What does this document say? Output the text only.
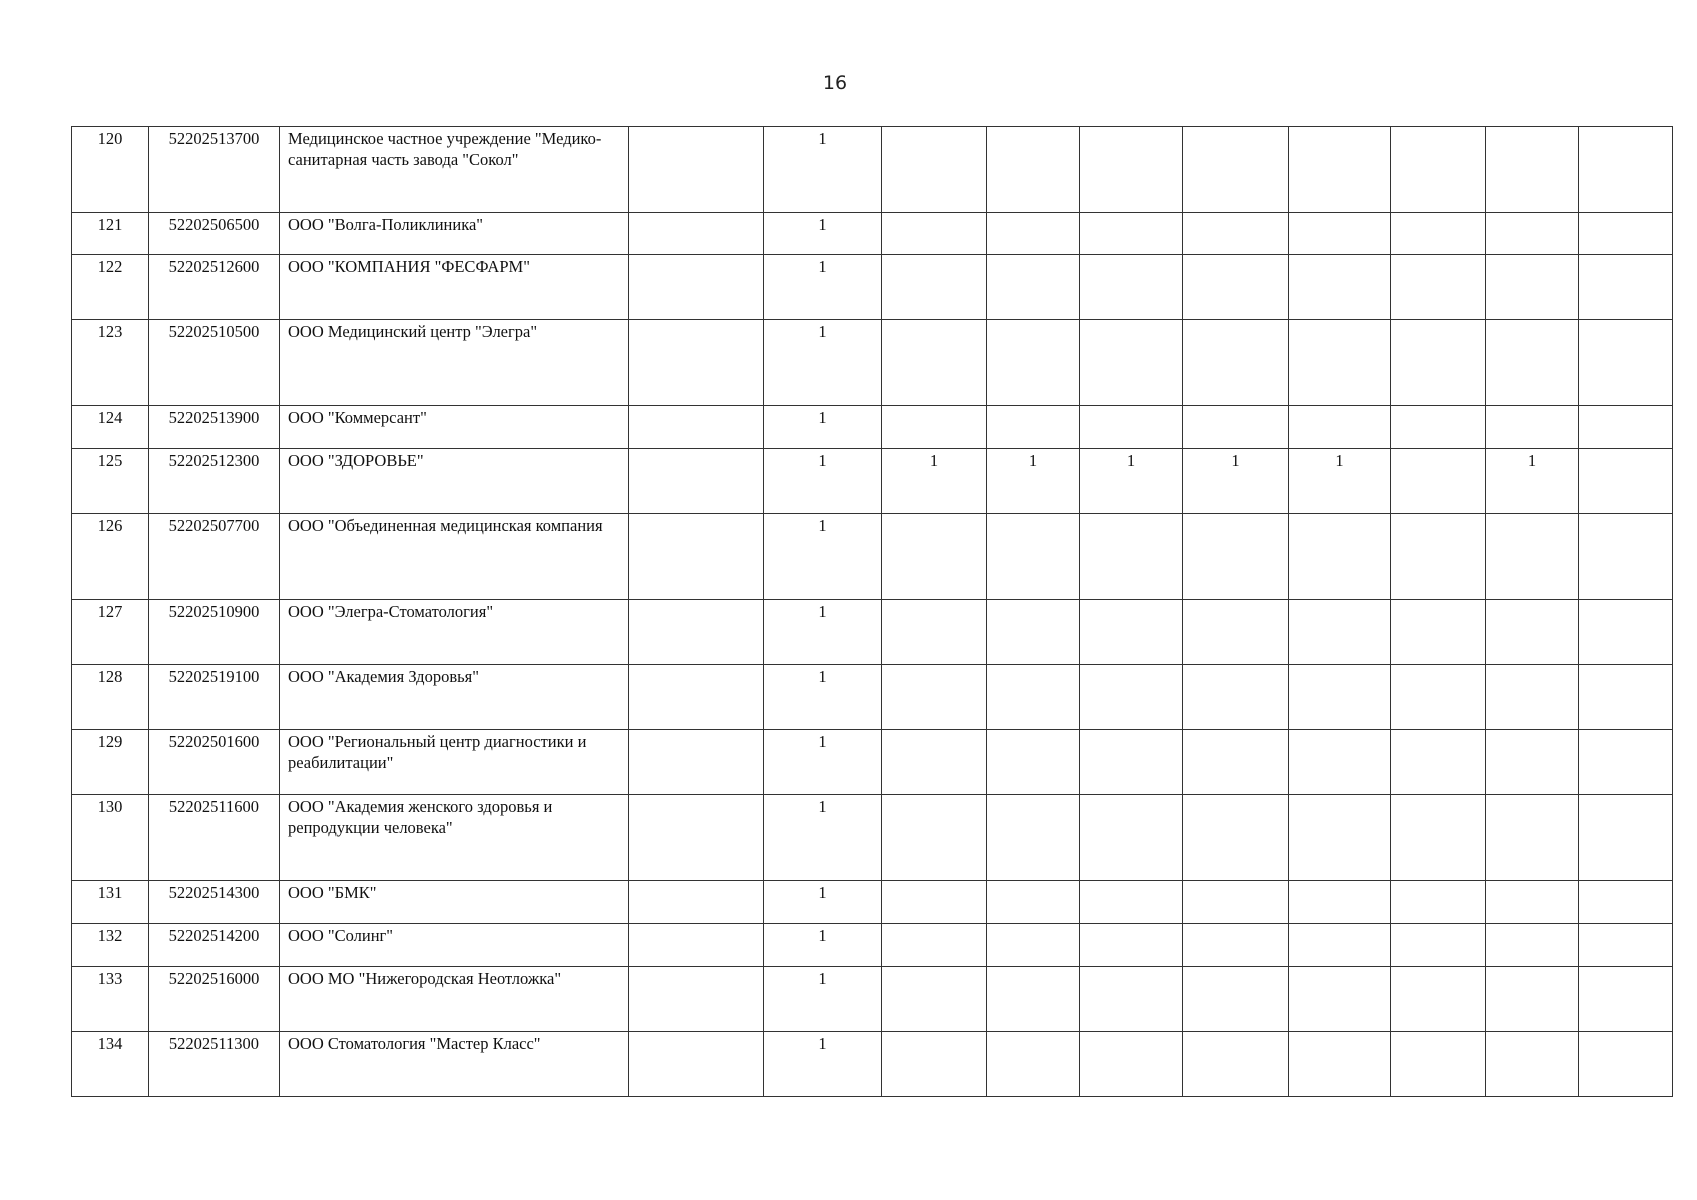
16
120	52202513700	Медицинское частное учреждение "Медико-санитарная часть завода "Сокол"		1								
121	52202506500	ООО "Волга-Поликлиника"		1								
122	52202512600	ООО "КОМПАНИЯ "ФЕСФАРМ"		1								
123	52202510500	ООО Медицинский центр "Элегра"		1								
124	52202513900	ООО "Коммерсант"		1								
125	52202512300	ООО "ЗДОРОВЬЕ"		1	1	1	1	1	1		1	
126	52202507700	ООО "Объединенная медицинская компания		1								
127	52202510900	ООО "Элегра-Стоматология"		1								
128	52202519100	ООО "Академия Здоровья"		1								
129	52202501600	ООО "Региональный центр диагностики и реабилитации"		1								
130	52202511600	ООО "Академия женского здоровья и репродукции человека"		1								
131	52202514300	ООО "БМК"		1								
132	52202514200	ООО "Солинг"		1								
133	52202516000	ООО МО "Нижегородская Неотложка"		1								
134	52202511300	ООО Стоматология "Мастер Класс"		1								
